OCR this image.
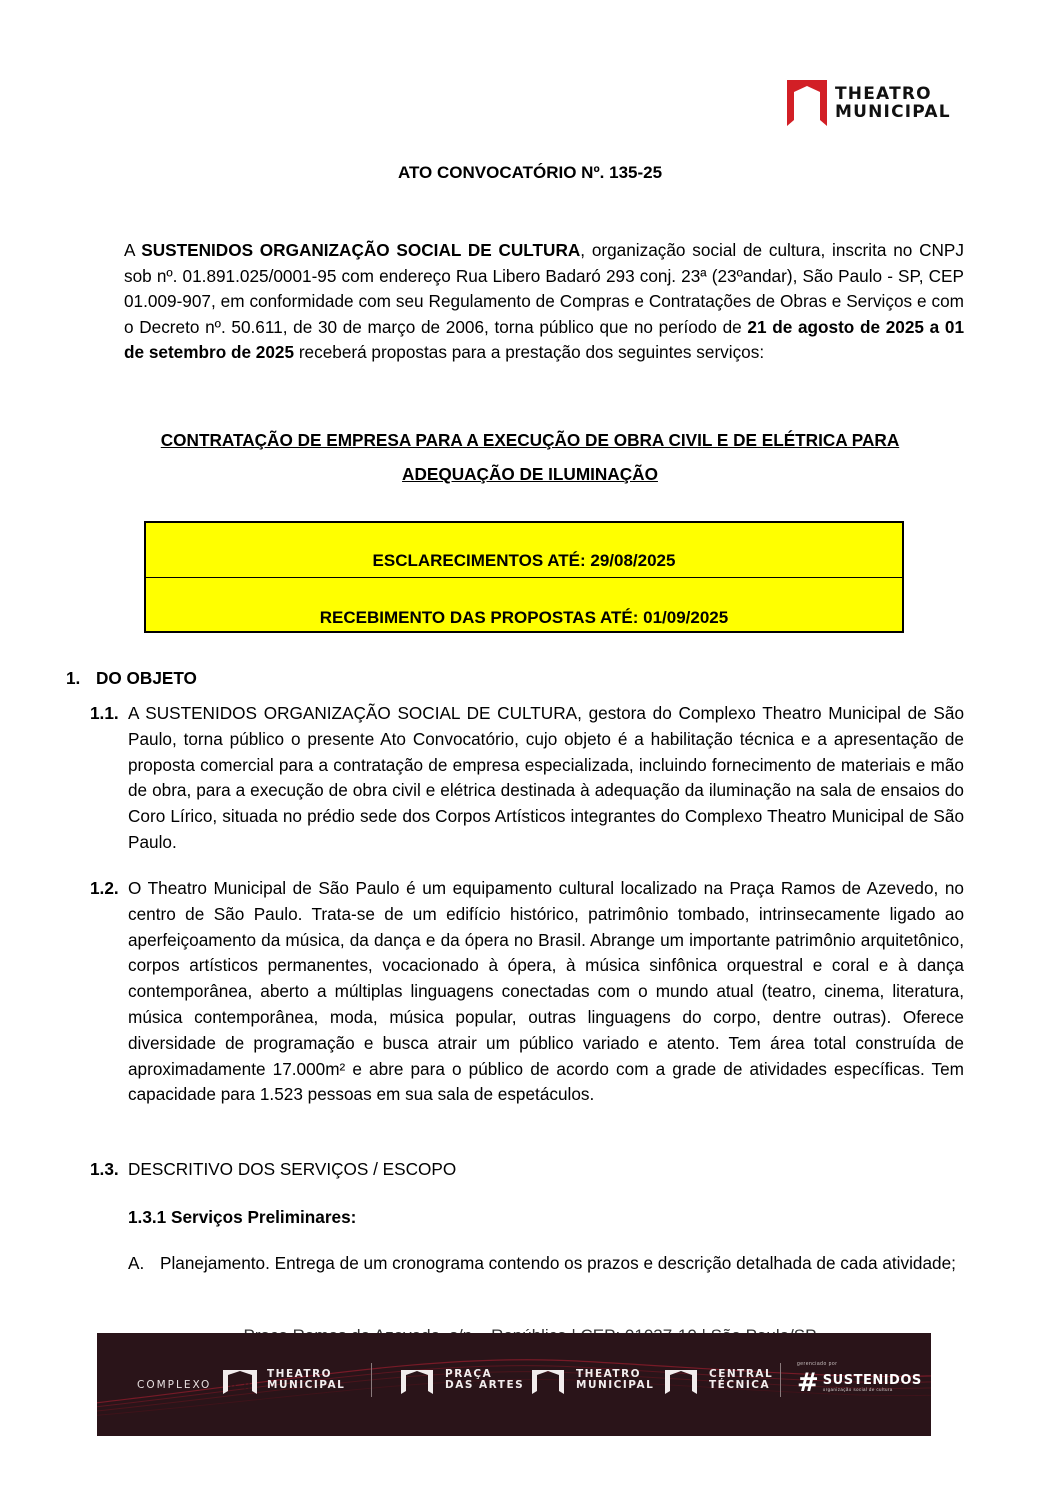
THEATRO
MUNICIPAL
ATO CONVOCATÓRIO Nº. 135-25
A SUSTENIDOS ORGANIZAÇÃO SOCIAL DE CULTURA, organização social de cultura, inscrita no CNPJ sob nº. 01.891.025/0001-95 com endereço Rua Libero Badaró 293 conj. 23ª (23ºandar), São Paulo - SP, CEP 01.009-907, em conformidade com seu Regulamento de Compras e Contratações de Obras e Serviços e com o Decreto nº. 50.611, de 30 de março de 2006, torna público que no período de 21 de agosto de 2025 a 01 de setembro de 2025 receberá propostas para a prestação dos seguintes serviços:
CONTRATAÇÃO DE EMPRESA PARA A EXECUÇÃO DE OBRA CIVIL E DE ELÉTRICA PARA
ADEQUAÇÃO DE ILUMINAÇÃO
ESCLARECIMENTOS ATÉ: 29/08/2025
RECEBIMENTO DAS PROPOSTAS ATÉ: 01/09/2025
1. DO OBJETO
1.1. A SUSTENIDOS ORGANIZAÇÃO SOCIAL DE CULTURA, gestora do Complexo Theatro Municipal de São Paulo, torna público o presente Ato Convocatório, cujo objeto é a habilitação técnica e a apresentação de proposta comercial para a contratação de empresa especializada, incluindo fornecimento de materiais e mão de obra, para a execução de obra civil e elétrica destinada à adequação da iluminação na sala de ensaios do Coro Lírico, situada no prédio sede dos Corpos Artísticos integrantes do Complexo Theatro Municipal de São Paulo.
1.2. O Theatro Municipal de São Paulo é um equipamento cultural localizado na Praça Ramos de Azevedo, no centro de São Paulo. Trata-se de um edifício histórico, patrimônio tombado, intrinsecamente ligado ao aperfeiçoamento da música, da dança e da ópera no Brasil. Abrange um importante patrimônio arquitetônico, corpos artísticos permanentes, vocacionado à ópera, à música sinfônica orquestral e coral e à dança contemporânea, aberto a múltiplas linguagens conectadas com o mundo atual (teatro, cinema, literatura, música contemporânea, moda, música popular, outras linguagens do corpo, dentre outras). Oferece diversidade de programação e busca atrair um público variado e atento. Tem área total construída de aproximadamente 17.000m² e abre para o público de acordo com a grade de atividades específicas. Tem capacidade para 1.523 pessoas em sua sala de espetáculos.
1.3. DESCRITIVO DOS SERVIÇOS / ESCOPO
1.3.1 Serviços Preliminares:
A. Planejamento. Entrega de um cronograma contendo os prazos e descrição detalhada de cada atividade;
COMPLEXO
THEATRO
MUNICIPAL
PRAÇA
DAS ARTES
THEATRO
MUNICIPAL
CENTRAL
TÉCNICA
gerenciado por
# SUSTENIDOS
organização social de cultura
